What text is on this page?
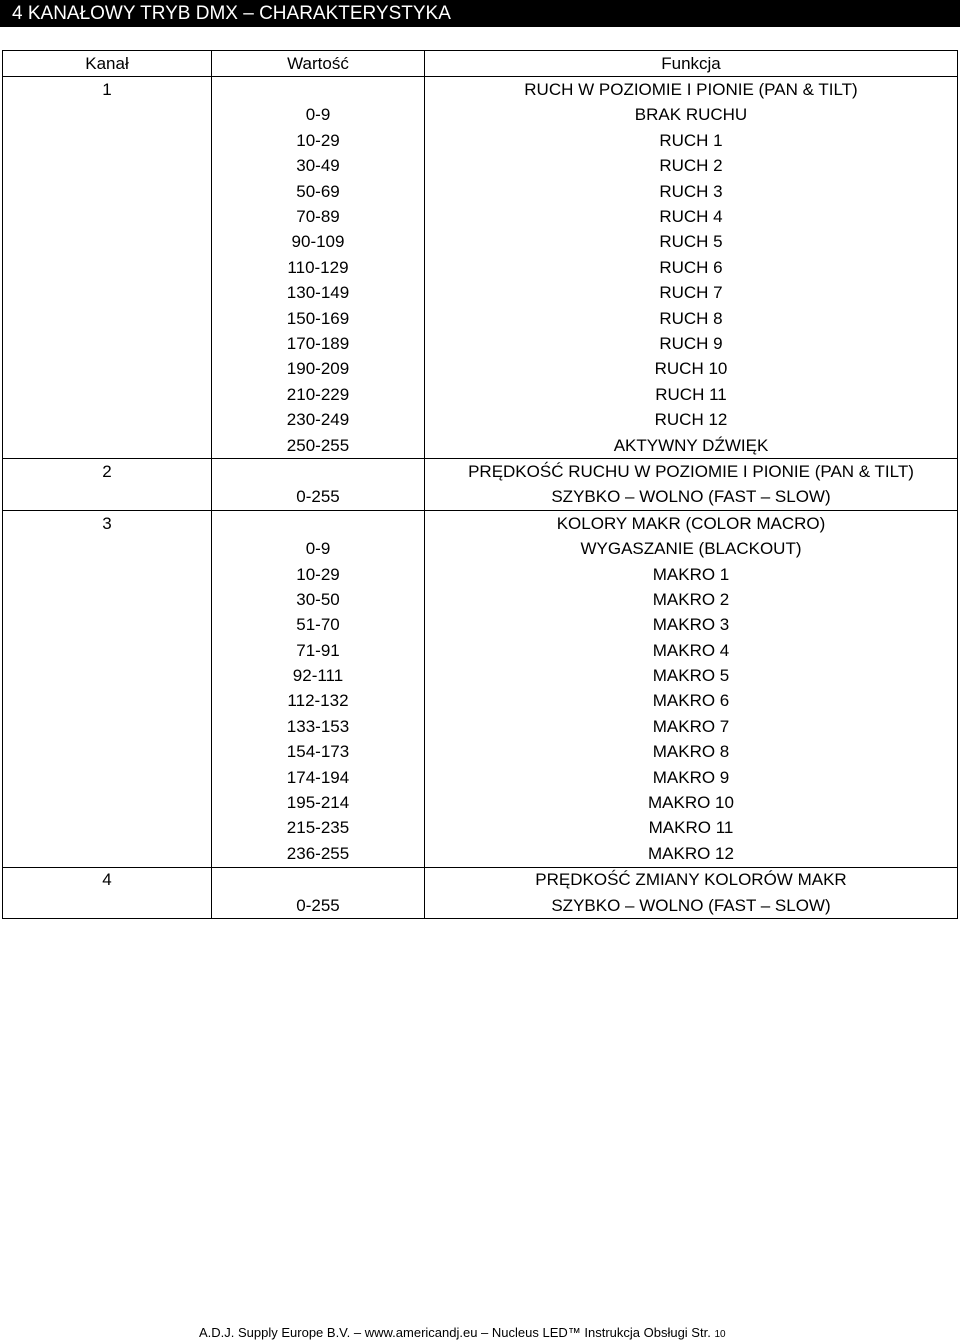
4 KANAŁOWY TRYB DMX – CHARAKTERYSTYKA
Kanał	Wartość	Funkcja
1		RUCH W POZIOMIE I PIONIE (PAN & TILT)
	0-9	BRAK RUCHU
	10-29	RUCH 1
	30-49	RUCH 2
	50-69	RUCH 3
	70-89	RUCH 4
	90-109	RUCH 5
	110-129	RUCH 6
	130-149	RUCH 7
	150-169	RUCH 8
	170-189	RUCH 9
	190-209	RUCH 10
	210-229	RUCH 11
	230-249	RUCH 12
	250-255	AKTYWNY DŹWIĘK
2		PRĘDKOŚĆ RUCHU W POZIOMIE I PIONIE (PAN & TILT)
	0-255	SZYBKO – WOLNO (FAST – SLOW)
3		KOLORY MAKR (COLOR MACRO)
	0-9	WYGASZANIE (BLACKOUT)
	10-29	MAKRO 1
	30-50	MAKRO 2
	51-70	MAKRO 3
	71-91	MAKRO 4
	92-111	MAKRO 5
	112-132	MAKRO 6
	133-153	MAKRO 7
	154-173	MAKRO 8
	174-194	MAKRO 9
	195-214	MAKRO 10
	215-235	MAKRO 11
	236-255	MAKRO 12
4		PRĘDKOŚĆ ZMIANY KOLORÓW MAKR
	0-255	SZYBKO – WOLNO (FAST – SLOW)
A.D.J. Supply Europe B.V. – www.americandj.eu – Nucleus LED™ Instrukcja Obsługi Str. 10
